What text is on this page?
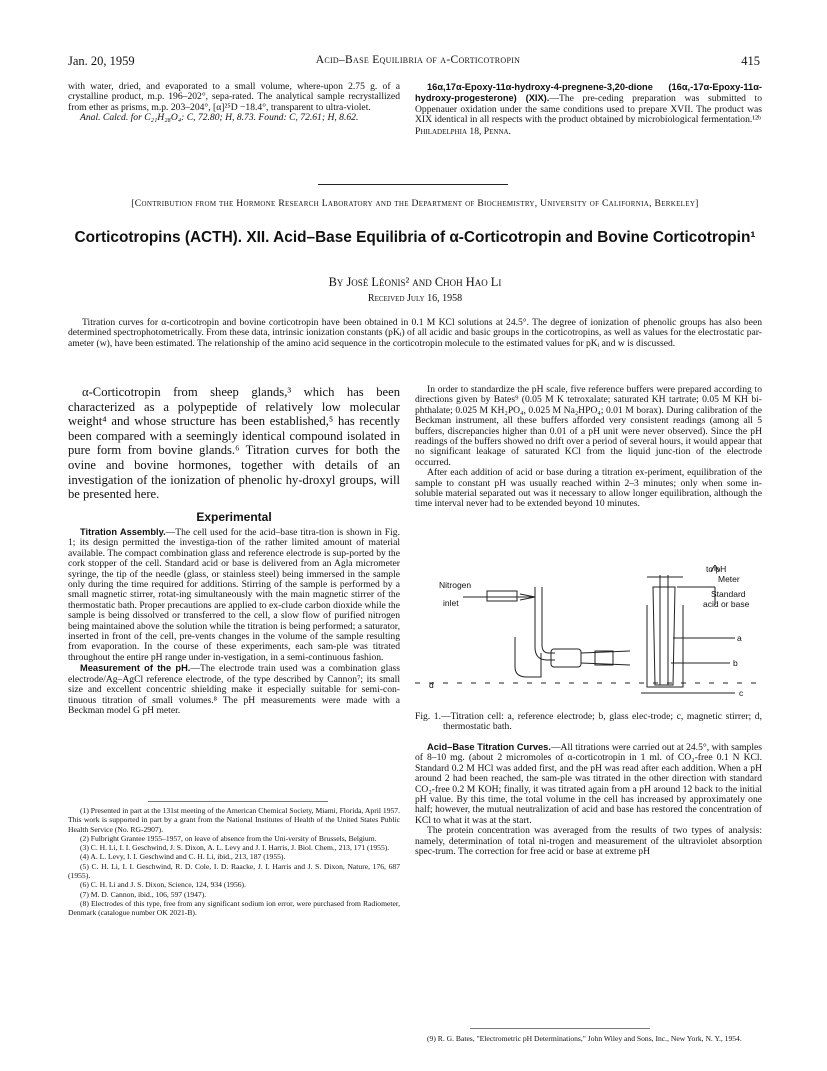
Jan. 20, 1959	Acid–Base Equilibria of α-Corticotropin	415

with water, dried, and evaporated to a small volume, where-upon 2.75 g. of a crystalline product, m.p. 196–202°, sepa-rated. The analytical sample recrystallized from ether as prisms, m.p. 203–204°, [α]²⁵D −18.4°, transparent to ultra-violet.

Anal. Calcd. for C₂₁H₂₈O₄: C, 72.80; H, 8.73. Found: C, 72.61; H, 8.62.

16α,17α-Epoxy-11α-hydroxy-4-pregnene-3,20-dione (16α,-17α-Epoxy-11α-hydroxy-progesterone) (XIX).—The pre-ceding preparation was submitted to Oppenauer oxidation under the same conditions used to prepare XVII. The product was XIX identical in all respects with the product obtained by microbiological fermentation.¹²ᵇ

Philadelphia 18, Penna.

[Contribution from the Hormone Research Laboratory and the Department of Biochemistry, University of California, Berkeley]
Corticotropins (ACTH). XII. Acid–Base Equilibria of α-Corticotropin and Bovine Corticotropin¹
By José Léonis² and Choh Hao Li
Received July 16, 1958
Titration curves for α-corticotropin and bovine corticotropin have been obtained in 0.1 M KCl solutions at 24.5°. The degree of ionization of phenolic groups has also been determined spectrophotometrically. From these data, intrinsic ionization constants (pKᵢ) of all acidic and basic groups in the corticotropins, as well as values for the electrostatic par-ameter (w), have been estimated. The relationship of the amino acid sequence in the corticotropin molecule to the estimated values for pKᵢ and w is discussed.
α-Corticotropin from sheep glands,³ which has been characterized as a polypeptide of relatively low molecular weight⁴ and whose structure has been established,⁵ has recently been compared with a seemingly identical compound isolated in pure form from bovine glands.⁶ Titration curves for both the ovine and bovine hormones, together with details of an investigation of the ionization of phenolic hy-droxyl groups, will be presented here.
Experimental

Titration Assembly.—The cell used for the acid–base titra-tion is shown in Fig. 1; its design permitted the investiga-tion of the rather limited amount of material available. The compact combination glass and reference electrode is sup-ported by the cork stopper of the cell. Standard acid or base is delivered from an Agla micrometer syringe, the tip of the needle (glass, or stainless steel) being immersed in the sample only during the time required for additions. Stirring of the sample is performed by a small magnetic stirrer, rotat-ing simultaneously with the main magnetic stirrer of the thermostatic bath. Proper precautions are applied to ex-clude carbon dioxide while the sample is being dissolved or transferred to the cell, a slow flow of purified nitrogen being maintained above the solution while the titration is being performed; a saturator, inserted in front of the cell, pre-vents changes in the volume of the sample resulting from evaporation. In the course of these experiments, each sam-ple was titrated throughout the entire pH range under in-vestigation, in a semi-continuous fashion.

Measurement of the pH.—The electrode train used was a combination glass electrode/Ag–AgCl reference electrode, of the type described by Cannon⁷; its small size and excellent concentric shielding make it especially suitable for semi-con-tinuous titration of small volumes.⁸ The pH measurements were made with a Beckman model G pH meter.

(1) Presented in part at the 131st meeting of the American Chemical Society, Miami, Florida, April 1957. This work is supported in part by a grant from the National Institutes of Health of the United States Public Health Service (No. RG-2907).

(2) Fulbright Grantee 1955–1957, on leave of absence from the Uni-versity of Brussels, Belgium.

(3) C. H. Li, I. I. Geschwind, J. S. Dixon, A. L. Levy and J. I. Harris, J. Biol. Chem., 213, 171 (1955).

(4) A. L. Levy, I. I. Geschwind and C. H. Li, ibid., 213, 187 (1955).

(5) C. H. Li, I. I. Geschwind, R. D. Cole, I. D. Raacke, J. I. Harris and J. S. Dixon, Nature, 176, 687 (1955).

(6) C. H. Li and J. S. Dixon, Science, 124, 934 (1956).

(7) M. D. Cannon, ibid., 106, 597 (1947).

(8) Electrodes of this type, free from any significant sodium ion error, were purchased from Radiometer, Denmark (catalogue number OK 2021-B).

In order to standardize the pH scale, five reference buffers were prepared according to directions given by Bates⁹ (0.05 M K tetroxalate; saturated KH tartrate; 0.05 M KH bi-phthalate; 0.025 M KH₂PO₄, 0.025 M Na₂HPO₄; 0.01 M borax). During calibration of the Beckman instrument, all these buffers afforded very consistent readings (among all 5 buffers, discrepancies higher than 0.01 of a pH unit were never observed). Since the pH readings of the buffers showed no drift over a period of several hours, it would appear that no significant leakage of saturated KCl from the liquid junc-tion of the electrode occurred.

After each addition of acid or base during a titration ex-periment, equilibration of the sample to constant pH was usually reached within 2–3 minutes; only when some in-soluble material separated out was it necessary to allow longer equilibration, although the time interval never had to be extended beyond 10 minutes.

Nitrogen
inlet
to pH
Meter
Standard
acid or base
a
b
c
d
Fig. 1.—Titration cell: a, reference electrode; b, glass elec-trode; c, magnetic stirrer; d, thermostatic bath.

Acid–Base Titration Curves.—All titrations were carried out at 24.5°, with samples of 8–10 mg. (about 2 micromoles of α-corticotropin in 1 ml. of CO₂-free 0.1 N KCl. Standard 0.2 M HCl was added first, and the pH was read after each addition. When a pH around 2 had been reached, the sam-ple was titrated in the other direction with standard CO₂-free 0.2 M KOH; finally, it was titrated again from a pH around 12 back to the initial pH value. By this time, the total volume in the cell has increased by approximately one half; however, the mutual neutralization of acid and base has restored the concentration of KCl to what it was at the start.

The protein concentration was averaged from the results of two types of analysis: namely, determination of total ni-trogen and measurement of the ultraviolet absorption spec-trum. The correction for free acid or base at extreme pH

(9) R. G. Bates, "Electrometric pH Determinations," John Wiley and Sons, Inc., New York, N. Y., 1954.
